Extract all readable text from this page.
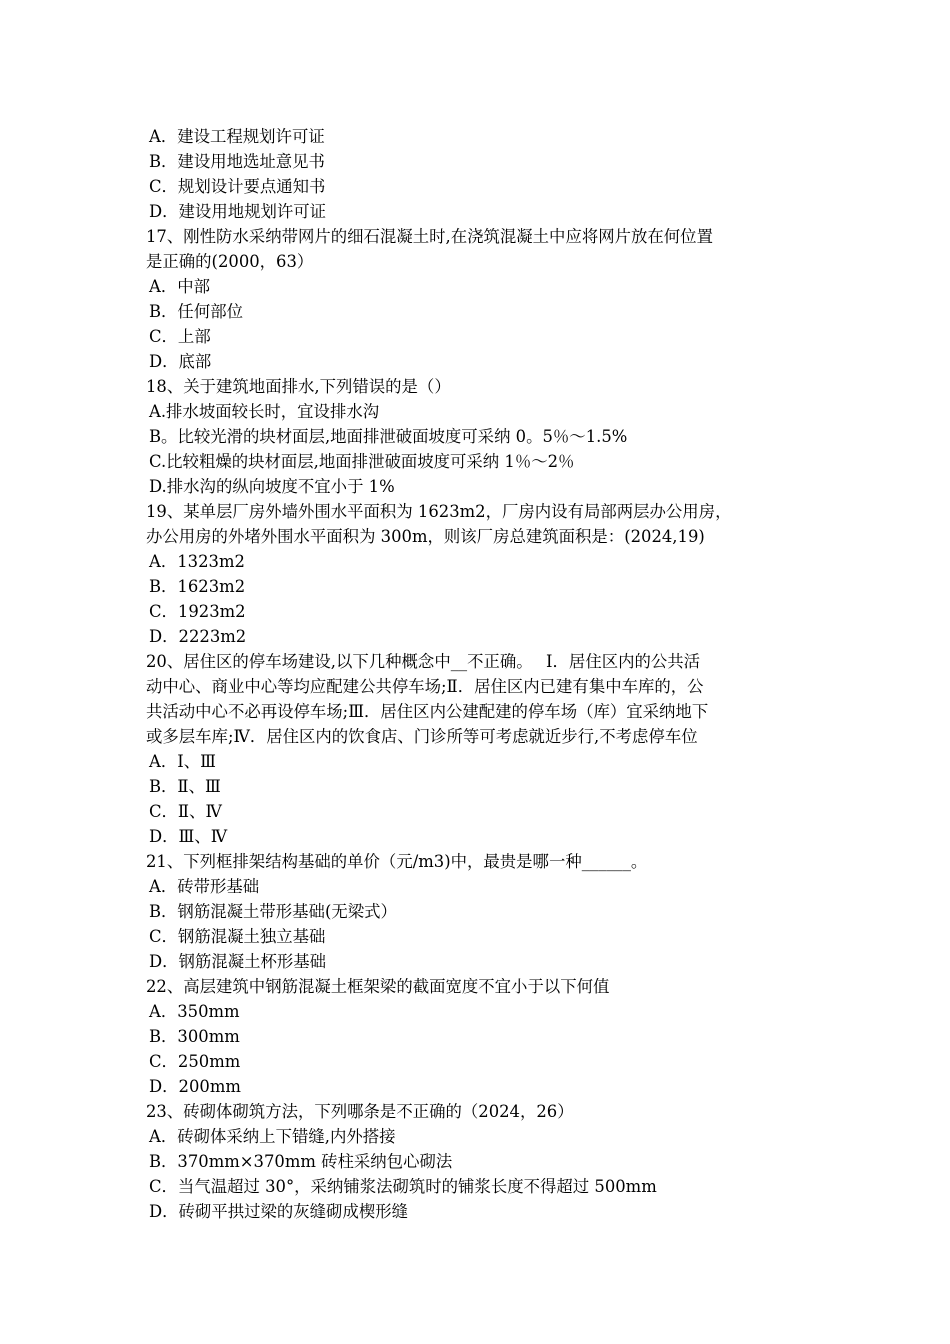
A．建设工程规划许可证
B．建设用地选址意见书
C．规划设计要点通知书
D．建设用地规划许可证
17、刚性防水采纳带网片的细石混凝土时,在浇筑混凝土中应将网片放在何位置
是正确的(2000，63）
A．中部
B．任何部位
C．上部
D．底部
18、关于建筑地面排水,下列错误的是（）
A.排水坡面较长时，宜设排水沟
B。比较光滑的块材面层,地面排泄破面坡度可采纳 0。5％～1.5%
C.比较粗燥的块材面层,地面排泄破面坡度可采纳 1％～2％
D.排水沟的纵向坡度不宜小于 1%
19、某单层厂房外墙外围水平面积为 1623m2，厂房内设有局部两层办公用房，
办公用房的外堵外围水平面积为 300m，则该厂房总建筑面积是：(2024,19)
A．1323m2
B．1623m2
C．1923m2
D．2223m2
20、居住区的停车场建设,以下几种概念中__不正确。　 Ⅰ．居住区内的公共活
动中心、商业中心等均应配建公共停车场;Ⅱ．居住区内已建有集中车库的，公
共活动中心不必再设停车场;Ⅲ．居住区内公建配建的停车场（库）宜采纳地下
或多层车库;Ⅳ．居住区内的饮食店、门诊所等可考虑就近步行,不考虑停车位
A．Ⅰ、Ⅲ
B．Ⅱ、Ⅲ
C．Ⅱ、Ⅳ
D．Ⅲ、Ⅳ
21、下列框排架结构基础的单价（元/m3)中，最贵是哪一种______。
A．砖带形基础
B．钢筋混凝土带形基础(无梁式）
C．钢筋混凝土独立基础
D．钢筋混凝土杯形基础
22、高层建筑中钢筋混凝土框架梁的截面宽度不宜小于以下何值
A．350mm
B．300mm
C．250mm
D．200mm
23、砖砌体砌筑方法，下列哪条是不正确的（2024，26）
A．砖砌体采纳上下错缝,内外搭接
B．370mm×370mm 砖柱采纳包心砌法
C．当气温超过 30°，采纳铺浆法砌筑时的铺浆长度不得超过 500mm
D．砖砌平拱过梁的灰缝砌成楔形缝
